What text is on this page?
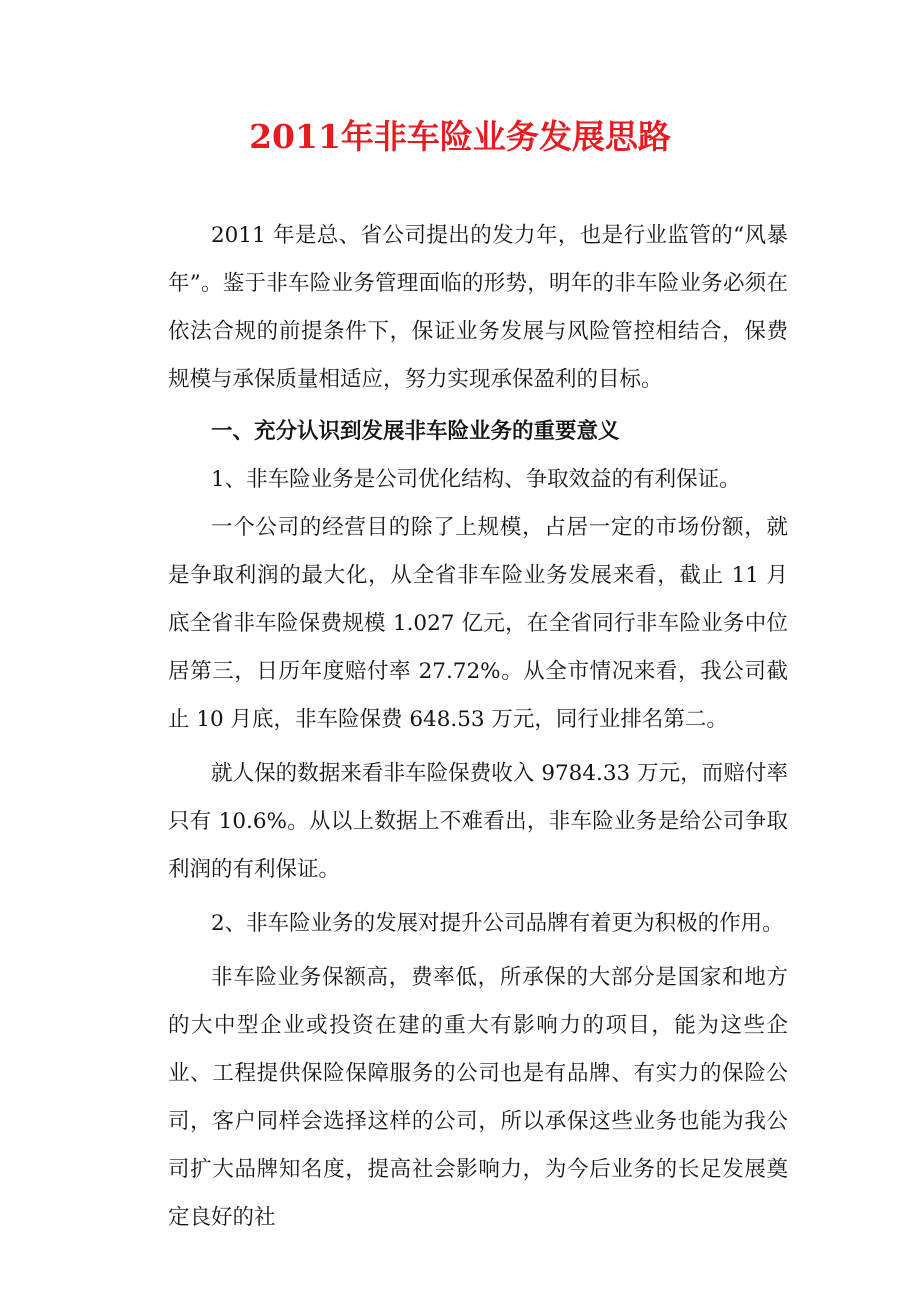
2011年非车险业务发展思路

2011 年是总、省公司提出的发力年，也是行业监管的“风暴年”。鉴于非车险业务管理面临的形势，明年的非车险业务必须在依法合规的前提条件下，保证业务发展与风险管控相结合，保费规模与承保质量相适应，努力实现承保盈利的目标。

一、充分认识到发展非车险业务的重要意义

1、非车险业务是公司优化结构、争取效益的有利保证。

一个公司的经营目的除了上规模，占居一定的市场份额，就是争取利润的最大化，从全省非车险业务发展来看，截止 11 月底全省非车险保费规模 1.027 亿元，在全省同行非车险业务中位居第三，日历年度赔付率 27.72%。从全市情况来看，我公司截止 10 月底，非车险保费 648.53 万元，同行业排名第二。

就人保的数据来看非车险保费收入 9784.33 万元，而赔付率只有 10.6%。从以上数据上不难看出，非车险业务是给公司争取利润的有利保证。

2、非车险业务的发展对提升公司品牌有着更为积极的作用。

非车险业务保额高，费率低，所承保的大部分是国家和地方的大中型企业或投资在建的重大有影响力的项目，能为这些企业、工程提供保险保障服务的公司也是有品牌、有实力的保险公司，客户同样会选择这样的公司，所以承保这些业务也能为我公司扩大品牌知名度，提高社会影响力，为今后业务的长足发展奠定良好的社
